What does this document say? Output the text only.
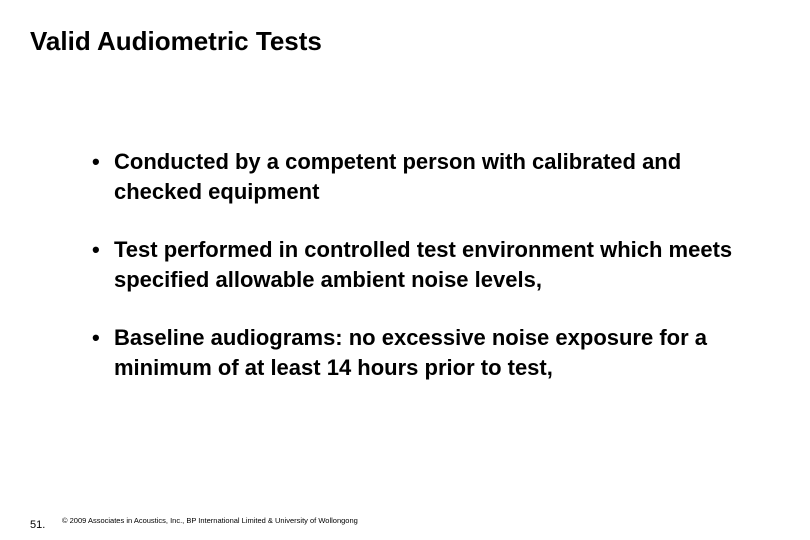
Valid Audiometric Tests
• Conducted by a competent person with calibrated and checked equipment
• Test performed in controlled test environment which meets specified allowable ambient noise levels,
• Baseline audiograms: no excessive noise exposure for a minimum of at least 14 hours prior to test,
51. © 2009 Associates in Acoustics, Inc., BP International Limited & University of Wollongong
